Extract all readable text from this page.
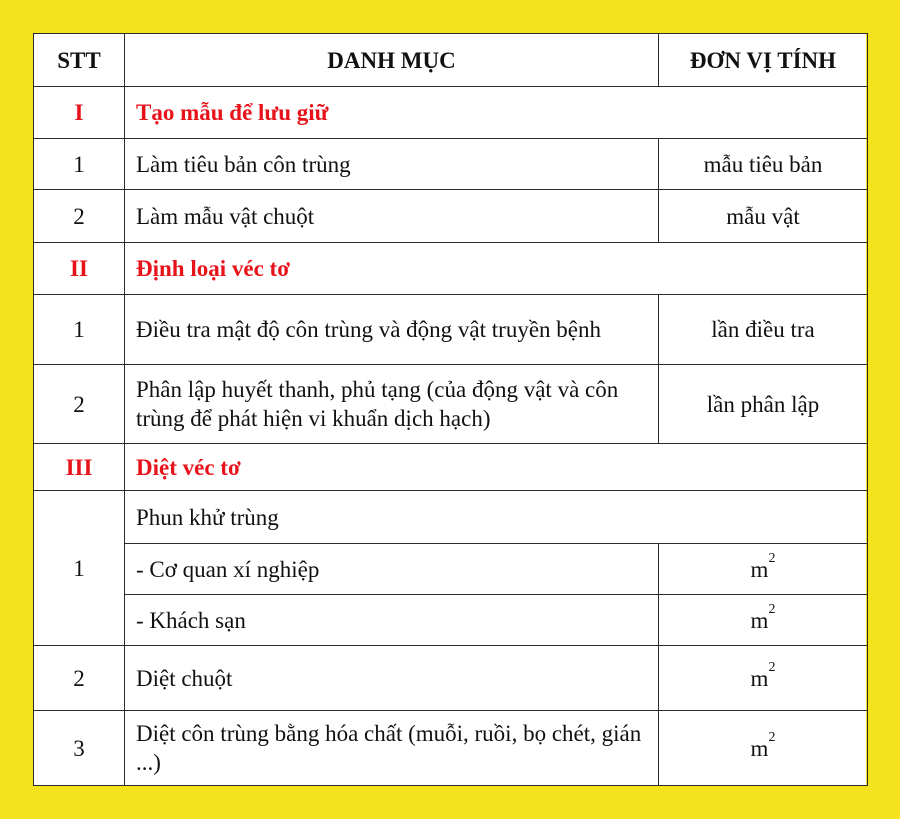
STT	DANH MỤC	ĐƠN VỊ TÍNH
I	Tạo mẫu để lưu giữ	
1	Làm tiêu bản côn trùng	mẫu tiêu bản
2	Làm mẫu vật chuột	mẫu vật
II	Định loại véc tơ	
1	Điều tra mật độ côn trùng và động vật truyền bệnh	lần điều tra
2	Phân lập huyết thanh, phủ tạng (của động vật và côn trùng để phát hiện vi khuẩn dịch hạch)	lần phân lập
III	Diệt véc tơ	
1	Phun khử trùng	
	- Cơ quan xí nghiệp	$m^2$
	- Khách sạn	$m^2$
2	Diệt chuột	$m^2$
3	Diệt côn trùng bằng hóa chất (muỗi, ruồi, bọ chét, gián ...)	$m^2$
